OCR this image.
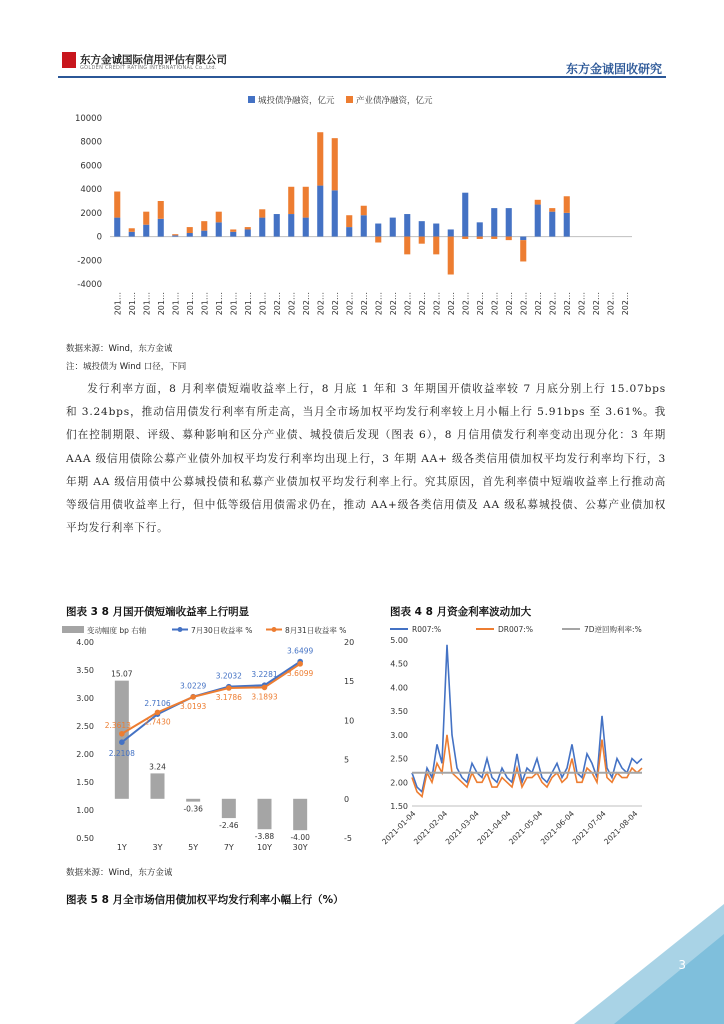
东方金诚国际信用评估有限公司
GOLDEN CREDIT RATING INTERNATIONAL Co.,Ltd.	东方金诚固收研究
城投债净融资，亿元	产业债净融资，亿元
10000
8000
6000
4000
2000
0
-2000
-4000
201… 201… 201… 201… 201… 201… 201… 201… 201… 201… 201… 202… 202… 202… 202… 202… 202… 202… 202… 202… 202… 202… 202… 202… 202… 202… 202… 202… 202… 202… 202… 202… 202… 202… 202… 202…
数据来源：Wind，东方金诚
注：城投债为 Wind 口径，下同
发行利率方面，8 月利率债短端收益率上行，8 月底 1 年和 3 年期国开债收益率较 7 月底分别上行 15.07bps 和 3.24bps，推动信用债发行利率有所走高，当月全市场加权平均发行利率较上月小幅上行 5.91bps 至 3.61%。我们在控制期限、评级、募种影响和区分产业债、城投债后发现（图表 6），8 月信用债发行利率变动出现分化：3 年期 AAA 级信用债除公募产业债外加权平均发行利率均出现上行，3 年期 AA+ 级各类信用债加权平均发行利率均下行，3 年期 AA 级信用债中公募城投债和私募产业债加权平均发行利率上行。究其原因，首先利率债中短端收益率上行推动高等级信用债收益率上行，但中低等级信用债需求仍在，推动 AA+级各类信用债及 AA 级私募城投债、公募产业债加权平均发行利率下行。
图表 3 8 月国开债短端收益率上行明显
变动幅度 bp 右轴	7月30日收益率 %	8月31日收益率 %
4.00
3.50
3.00
2.50
2.00
1.50
1.00
0.50
20
15
10
5
0
-5
15.07
1Y
3.24
3Y
-0.36
5Y
-2.46
7Y
-3.88
10Y
-4.00
30Y
2.2108
2.7106
3.0229
3.2032 3.2281
3.6499
2.3613 2.7430
3.0193
3.1786 3.1893
3.6099
图表 4 8 月资金利率波动加大
R007:%	DR007:%	7D逆回购利率:%
5.00
4.50
4.00
3.50
3.00
2.50
2.00
1.50
2021-01-04
2021-02-04
2021-03-04
2021-04-04
2021-05-04
2021-06-04
2021-07-04
2021-08-04
数据来源：Wind，东方金诚
图表 5 8 月全市场信用债加权平均发行利率小幅上行（%）
3
